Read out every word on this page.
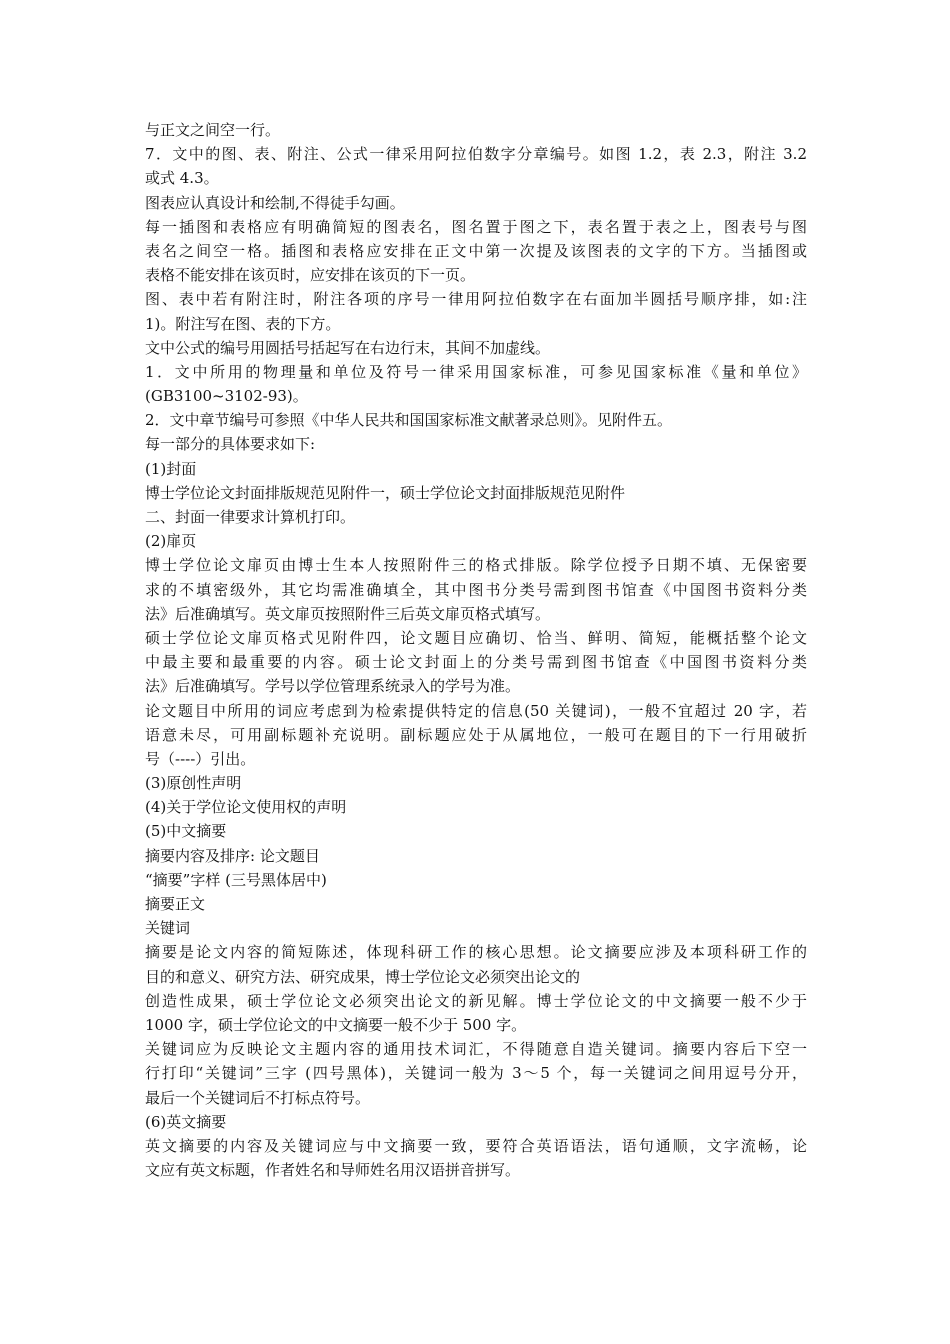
与正文之间空一行。
7．文中的图、表、附注、公式一律采用阿拉伯数字分章编号。如图 1.2，表 2.3，附注 3.2
或式 4.3。
图表应认真设计和绘制,不得徒手勾画。
每一插图和表格应有明确简短的图表名，图名置于图之下，表名置于表之上，图表号与图
表名之间空一格。插图和表格应安排在正文中第一次提及该图表的文字的下方。当插图或
表格不能安排在该页时，应安排在该页的下一页。
图、表中若有附注时，附注各项的序号一律用阿拉伯数字在右面加半圆括号顺序排，如:注
1)。附注写在图、表的下方。
文中公式的编号用圆括号括起写在右边行末，其间不加虚线。
1．文中所用的物理量和单位及符号一律采用国家标准，可参见国家标准《量和单位》
(GB3100~3102-93)。
2．文中章节编号可参照《中华人民共和国国家标准文献著录总则》。见附件五。
每一部分的具体要求如下:
(1)封面
博士学位论文封面排版规范见附件一，硕士学位论文封面排版规范见附件
二、封面一律要求计算机打印。
(2)扉页
博士学位论文扉页由博士生本人按照附件三的格式排版。除学位授予日期不填、无保密要
求的不填密级外，其它均需准确填全，其中图书分类号需到图书馆查《中国图书资料分类
法》后准确填写。英文扉页按照附件三后英文扉页格式填写。
硕士学位论文扉页格式见附件四，论文题目应确切、恰当、鲜明、简短，能概括整个论文
中最主要和最重要的内容。硕士论文封面上的分类号需到图书馆查《中国图书资料分类
法》后准确填写。学号以学位管理系统录入的学号为准。
论文题目中所用的词应考虑到为检索提供特定的信息(50 关键词)，一般不宜超过 20 字，若
语意未尽，可用副标题补充说明。副标题应处于从属地位，一般可在题目的下一行用破折
号（----）引出。
(3)原创性声明
(4)关于学位论文使用权的声明
(5)中文摘要
摘要内容及排序: 论文题目
“摘要”字样 (三号黑体居中)
摘要正文
关键词
摘要是论文内容的简短陈述，体现科研工作的核心思想。论文摘要应涉及本项科研工作的
目的和意义、研究方法、研究成果，博士学位论文必须突出论文的
创造性成果，硕士学位论文必须突出论文的新见解。博士学位论文的中文摘要一般不少于
1000 字，硕士学位论文的中文摘要一般不少于 500 字。
关键词应为反映论文主题内容的通用技术词汇，不得随意自造关键词。摘要内容后下空一
行打印“关键词”三字 (四号黑体)，关键词一般为 3～5 个，每一关键词之间用逗号分开，
最后一个关键词后不打标点符号。
(6)英文摘要
英文摘要的内容及关键词应与中文摘要一致，要符合英语语法，语句通顺，文字流畅，论
文应有英文标题，作者姓名和导师姓名用汉语拼音拼写。
